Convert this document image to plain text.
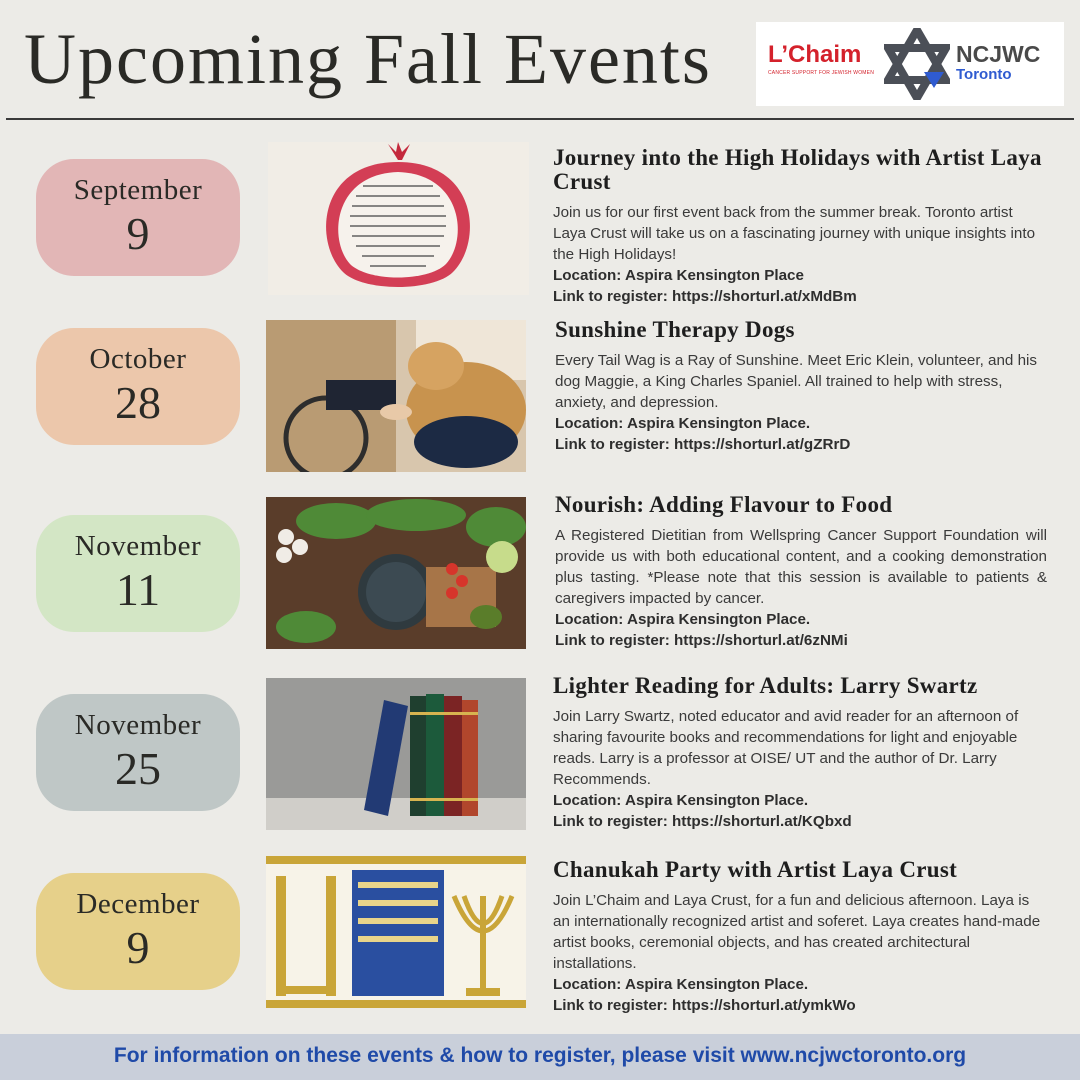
Upcoming Fall Events L’Chaim
CANCER SUPPORT FOR JEWISH WOMEN
NCJWC
Toronto
September
9
Journey into the High Holidays with Artist Laya Crust

Join us for our first event back from the summer break. Toronto artist Laya Crust will take us on a fascinating journey with unique insights into the High Holidays!

Location: Aspira Kensington Place
Link to register: https://shorturl.at/xMdBm
October
28
Sunshine Therapy Dogs

Every Tail Wag is a Ray of Sunshine. Meet Eric Klein, volunteer, and his dog Maggie, a King Charles Spaniel. All trained to help with stress, anxiety, and depression.

Location: Aspira Kensington Place.
Link to register: https://shorturl.at/gZRrD
November
11
Nourish: Adding Flavour to Food

A Registered Dietitian from Wellspring Cancer Support Foundation will provide us with both educational content, and a cooking demonstration plus tasting. *Please note that this session is available to patients & caregivers impacted by cancer.

Location: Aspira Kensington Place.
Link to register: https://shorturl.at/6zNMi
November
25
Lighter Reading for Adults: Larry Swartz

Join Larry Swartz, noted educator and avid reader for an afternoon of sharing favourite books and recommendations for light and enjoyable reads. Larry is a professor at OISE/ UT and the author of Dr. Larry Recommends.

Location: Aspira Kensington Place.
Link to register: https://shorturl.at/KQbxd
December
9
Chanukah Party with Artist Laya Crust

Join L’Chaim and Laya Crust, for a fun and delicious afternoon. Laya is an internationally recognized artist and soferet. Laya creates hand-made artist books, ceremonial objects, and has created architectural installations.

Location: Aspira Kensington Place.
Link to register: https://shorturl.at/ymkWo
For information on these events & how to register, please visit www.ncjwctoronto.org
